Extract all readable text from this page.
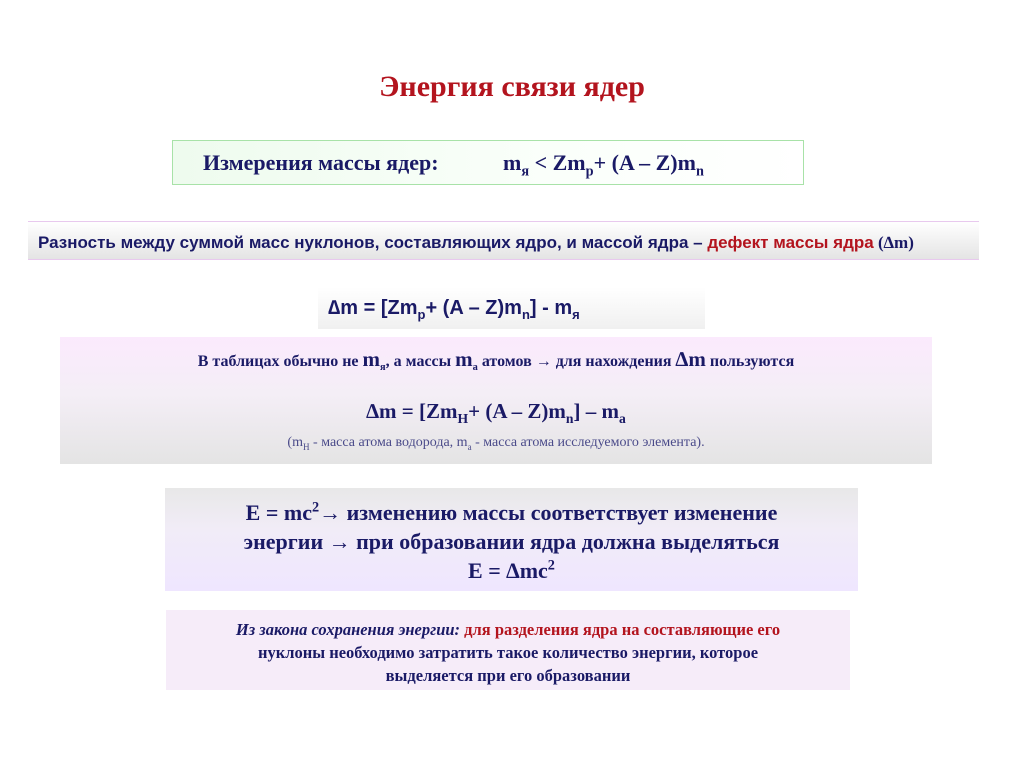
Энергия связи ядер
Измерения массы ядер:	$m_я < Zm_p+ (A - Z)m_n$
Разность между суммой масс нуклонов, составляющих ядро, и массой ядра – дефект массы ядра (∆m)
$\Delta m = [Zm_p+ (A - Z)m_n] - m_я$
В таблицах обычно не $m_я$, а массы $m_a$ атомов → для нахождения ∆m пользуются
$\Delta m = [Zm_H+ (A - Z)m_n] - m_a$
($m_H$ - масса атома водорода, $m_a$ - масса атома исследуемого элемента).
$E = mc^2\to$ изменению массы соответствует изменение
энергии → при образовании ядра должна выделяться
$E = \Delta mc^2$
Из закона сохранения энергии: для разделения ядра на составляющие его
нуклоны необходимо затратить такое количество энергии, которое
выделяется при его образовании
